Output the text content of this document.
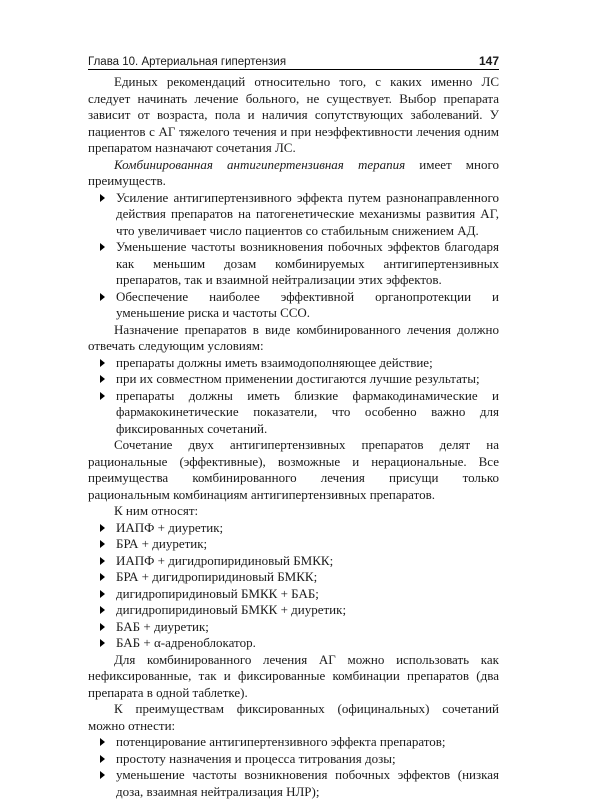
Глава 10. Артериальная гипертензия	147

Единых рекомендаций относительно того, с каких именно ЛС следует начинать лечение больного, не существует. Выбор препарата зависит от возраста, пола и наличия сопутствующих заболеваний. У пациентов с АГ тяжелого течения и при неэффективности лечения одним препаратом назначают сочетания ЛС.

Комбинированная антигипертензивная терапия имеет много преимуществ.

Усиление антигипертензивного эффекта путем разнонаправленного действия препаратов на патогенетические механизмы развития АГ, что увеличивает число пациентов со стабильным снижением АД.
Уменьшение частоты возникновения побочных эффектов благодаря как меньшим дозам комбинируемых антигипертензивных препаратов, так и взаимной нейтрализации этих эффектов.
Обеспечение наиболее эффективной органопротекции и уменьшение риска и частоты ССО.

Назначение препаратов в виде комбинированного лечения должно отвечать следующим условиям:

препараты должны иметь взаимодополняющее действие;
при их совместном применении достигаются лучшие результаты;
препараты должны иметь близкие фармакодинамические и фармакокинетические показатели, что особенно важно для фиксированных сочетаний.

Сочетание двух антигипертензивных препаратов делят на рациональные (эффективные), возможные и нерациональные. Все преимущества комбинированного лечения присущи только рациональным комбинациям антигипертензивных препаратов.

К ним относят:

ИАПФ + диуретик;
БРА + диуретик;
ИАПФ + дигидропиридиновый БМКК;
БРА + дигидропиридиновый БМКК;
дигидропиридиновый БМКК + БАБ;
дигидропиридиновый БМКК + диуретик;
БАБ + диуретик;
БАБ + α-адреноблокатор.

Для комбинированного лечения АГ можно использовать как нефиксированные, так и фиксированные комбинации препаратов (два препарата в одной таблетке).

К преимуществам фиксированных (официнальных) сочетаний можно отнести:

потенцирование антигипертензивного эффекта препаратов;
простоту назначения и процесса титрования дозы;
уменьшение частоты возникновения побочных эффектов (низкая доза, взаимная нейтрализация НЛР);
